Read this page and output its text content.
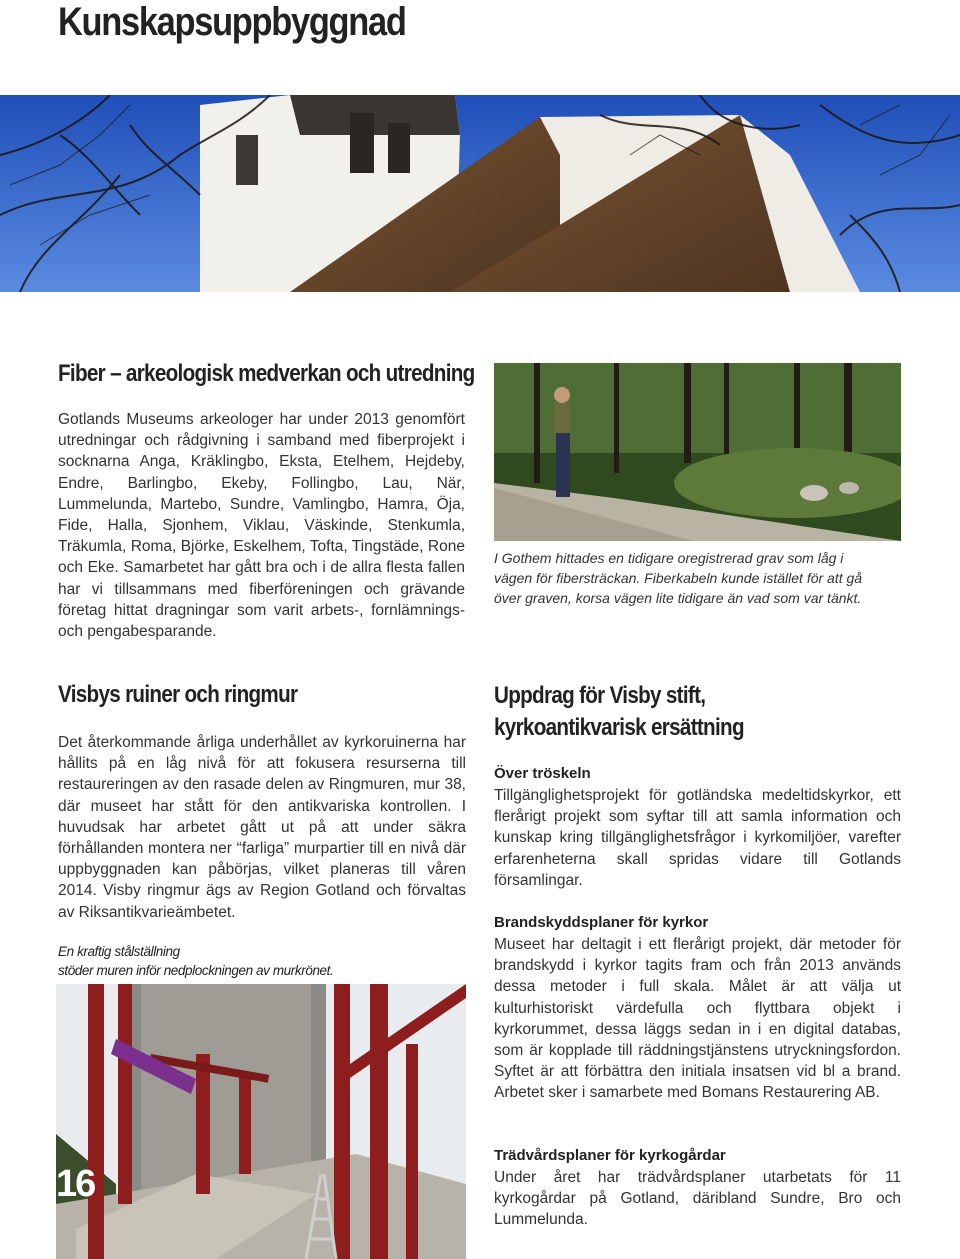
Kunskapsuppbyggnad
Fiber – arkeologisk medverkan och utredning
Gotlands Museums arkeologer har under 2013 genomfört utredningar och rådgivning i samband med fiberprojekt i socknarna Anga, Kräklingbo, Eksta, Etelhem, Hejdeby, Endre, Barlingbo, Ekeby, Follingbo, Lau, När, Lummelunda, Martebo, Sundre, Vamlingbo, Hamra, Öja, Fide, Halla, Sjonhem, Viklau, Väskinde, Stenkumla, Träkumla, Roma, Björke, Eskelhem, Tofta, Tingstäde, Rone och Eke. Samarbetet har gått bra och i de allra flesta fallen har vi tillsammans med fiberföreningen och grävande företag hittat dragningar som varit arbets-, fornlämnings- och pengabesparande.
I Gothem hittades en tidigare oregistrerad grav som låg i vägen för fibersträckan. Fiberkabeln kunde istället för att gå över graven, korsa vägen lite tidigare än vad som var tänkt.
Visbys ruiner och ringmur
Det återkommande årliga underhållet av kyrkoruinerna har hållits på en låg nivå för att fokusera resurserna till restaureringen av den rasade delen av Ringmuren, mur 38, där museet har stått för den antikvariska kontrollen. I huvudsak har arbetet gått ut på att under säkra förhållanden montera ner “farliga” murpartier till en nivå där uppbyggnaden kan påbörjas, vilket planeras till våren 2014. Visby ringmur ägs av Region Gotland och förvaltas av Riksantikvarieämbetet.
En kraftig stålställning
stöder muren inför nedplockningen av murkrönet.
16
Uppdrag för Visby stift,
kyrkoantikvarisk ersättning
Över tröskeln
Tillgänglighetsprojekt för gotländska medeltidskyrkor, ett flerårigt projekt som syftar till att samla information och kunskap kring tillgänglighetsfrågor i kyrkomiljöer, varefter erfarenheterna skall spridas vidare till Gotlands församlingar.
Brandskyddsplaner för kyrkor
Museet har deltagit i ett flerårigt projekt, där metoder för brandskydd i kyrkor tagits fram och från 2013 används dessa metoder i full skala. Målet är att välja ut kulturhistoriskt värdefulla och flyttbara objekt i kyrkorummet, dessa läggs sedan in i en digital databas, som är kopplade till räddningstjänstens utryckningsfordon. Syftet är att förbättra den initiala insatsen vid bl a brand. Arbetet sker i samarbete med Bomans Restaurering AB.
Trädvårdsplaner för kyrkogårdar
Under året har trädvårdsplaner utarbetats för 11 kyrkogårdar på Gotland, däribland Sundre, Bro och Lummelunda.
